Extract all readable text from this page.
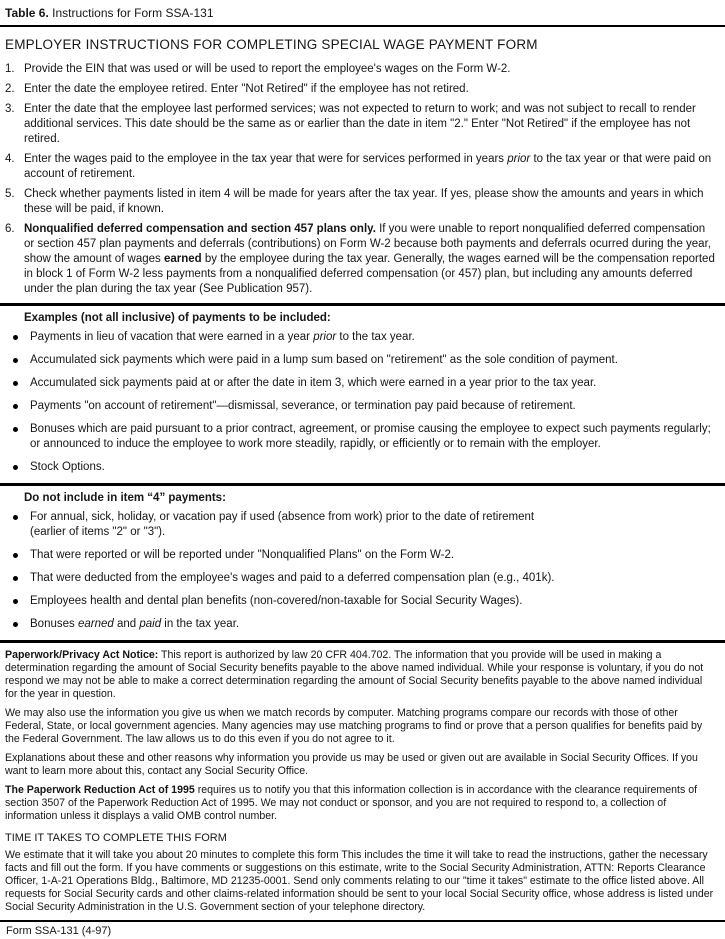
Table 6. Instructions for Form SSA-131
EMPLOYER INSTRUCTIONS FOR COMPLETING SPECIAL WAGE PAYMENT FORM
1. Provide the EIN that was used or will be used to report the employee's wages on the Form W-2.
2. Enter the date the employee retired. Enter "Not Retired" if the employee has not retired.
3. Enter the date that the employee last performed services; was not expected to return to work; and was not subject to recall to render additional services. This date should be the same as or earlier than the date in item "2." Enter "Not Retired" if the employee has not retired.
4. Enter the wages paid to the employee in the tax year that were for services performed in years prior to the tax year or that were paid on account of retirement.
5. Check whether payments listed in item 4 will be made for years after the tax year. If yes, please show the amounts and years in which these will be paid, if known.
6. Nonqualified deferred compensation and section 457 plans only. If you were unable to report nonqualified deferred compensation or section 457 plan payments and deferrals (contributions) on Form W-2 because both payments and deferrals ocurred during the year, show the amount of wages earned by the employee during the tax year. Generally, the wages earned will be the compensation reported in block 1 of Form W-2 less payments from a nonqualified deferred compensation (or 457) plan, but including any amounts deferred under the plan during the tax year (See Publication 957).
Examples (not all inclusive) of payments to be included:
Payments in lieu of vacation that were earned in a year prior to the tax year.
Accumulated sick payments which were paid in a lump sum based on "retirement" as the sole condition of payment.
Accumulated sick payments paid at or after the date in item 3, which were earned in a year prior to the tax year.
Payments "on account of retirement"—dismissal, severance, or termination pay paid because of retirement.
Bonuses which are paid pursuant to a prior contract, agreement, or promise causing the employee to expect such payments regularly; or announced to induce the employee to work more steadily, rapidly, or efficiently or to remain with the employer.
Stock Options.
Do not include in item “4” payments:
For annual, sick, holiday, or vacation pay if used (absence from work) prior to the date of retirement
(earlier of items "2" or "3").
That were reported or will be reported under "Nonqualified Plans" on the Form W-2.
That were deducted from the employee's wages and paid to a deferred compensation plan (e.g., 401k).
Employees health and dental plan benefits (non-covered/non-taxable for Social Security Wages).
Bonuses earned and paid in the tax year.

Paperwork/Privacy Act Notice: This report is authorized by law 20 CFR 404.702. The information that you provide will be used in making a determination regarding the amount of Social Security benefits payable to the above named individual. While your response is voluntary, if you do not respond we may not be able to make a correct determination regarding the amount of Social Security benefits payable to the above named individual for the year in question.

We may also use the information you give us when we match records by computer. Matching programs compare our records with those of other Federal, State, or local government agencies. Many agencies may use matching programs to find or prove that a person qualifies for benefits paid by the Federal Government. The law allows us to do this even if you do not agree to it.

Explanations about these and other reasons why information you provide us may be used or given out are available in Social Security Offices. If you want to learn more about this, contact any Social Security Office.

The Paperwork Reduction Act of 1995 requires us to notify you that this information collection is in accordance with the clearance requirements of section 3507 of the Paperwork Reduction Act of 1995. We may not conduct or sponsor, and you are not required to respond to, a collection of information unless it displays a valid OMB control number.

TIME IT TAKES TO COMPLETE THIS FORM

We estimate that it will take you about 20 minutes to complete this form This includes the time it will take to read the instructions, gather the necessary facts and fill out the form. If you have comments or suggestions on this estimate, write to the Social Security Administration, ATTN: Reports Clearance Officer, 1-A-21 Operations Bldg., Baltimore, MD 21235-0001. Send only comments relating to our "time it takes" estimate to the office listed above. All requests for Social Security cards and other claims-related information should be sent to your local Social Security office, whose address is listed under Social Security Administration in the U.S. Government section of your telephone directory.

Form SSA-131 (4-97)
